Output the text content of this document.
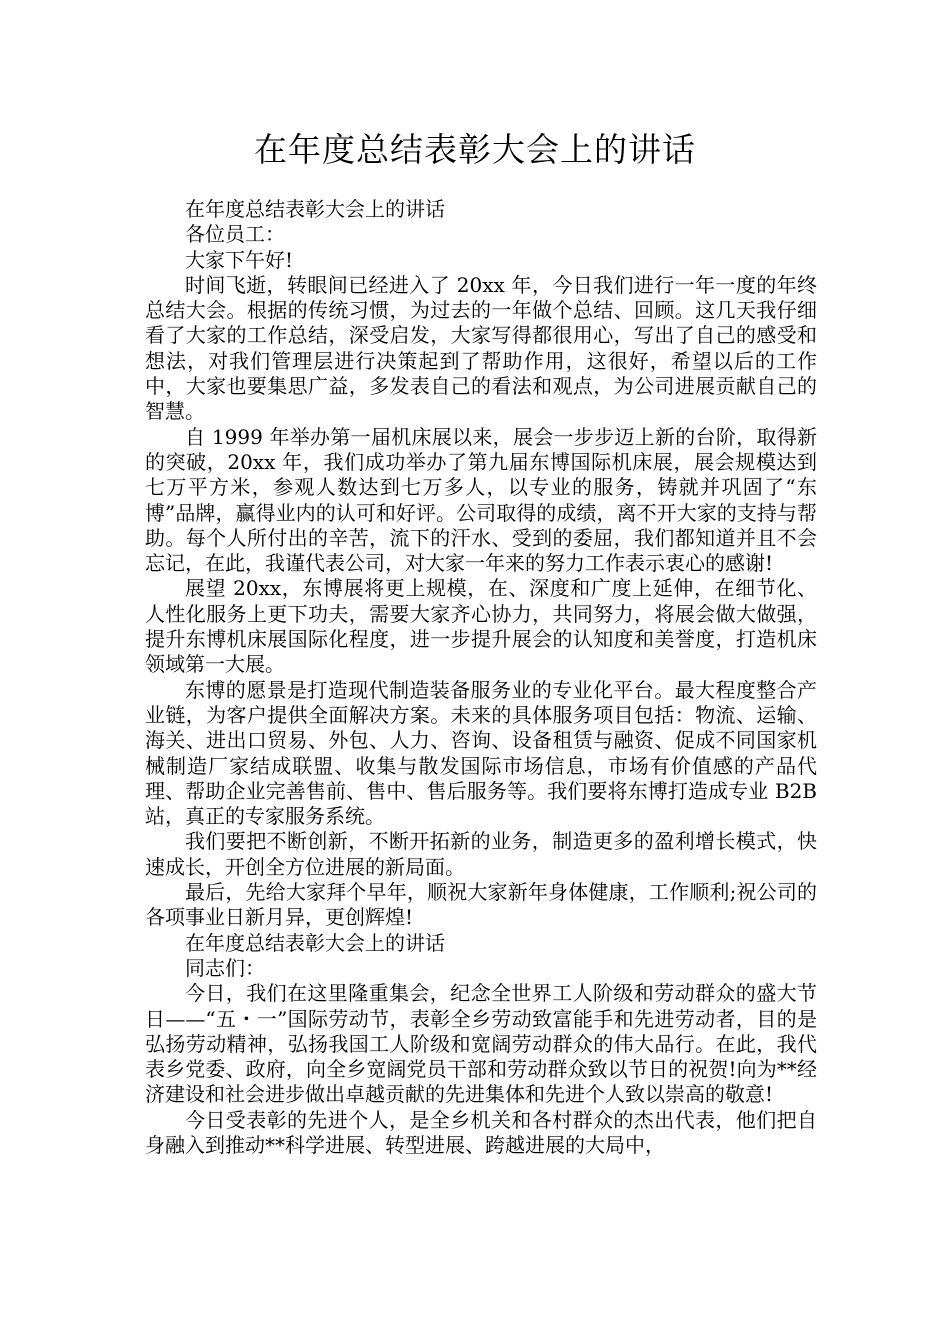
在年度总结表彰大会上的讲话

在年度总结表彰大会上的讲话

各位员工：

大家下午好!

时间飞逝，转眼间已经进入了 20xx 年，今日我们进行一年一度的年终总结大会。根据的传统习惯，为过去的一年做个总结、回顾。这几天我仔细看了大家的工作总结，深受启发，大家写得都很用心，写出了自己的感受和想法，对我们管理层进行决策起到了帮助作用，这很好，希望以后的工作中，大家也要集思广益，多发表自己的看法和观点，为公司进展贡献自己的智慧。

自 1999 年举办第一届机床展以来，展会一步步迈上新的台阶，取得新的突破，20xx 年，我们成功举办了第九届东博国际机床展，展会规模达到七万平方米，参观人数达到七万多人，以专业的服务，铸就并巩固了“东博”品牌，赢得业内的认可和好评。公司取得的成绩，离不开大家的支持与帮助。每个人所付出的辛苦，流下的汗水、受到的委屈，我们都知道并且不会忘记，在此，我谨代表公司，对大家一年来的努力工作表示衷心的感谢!

展望 20xx，东博展将更上规模，在、深度和广度上延伸，在细节化、人性化服务上更下功夫，需要大家齐心协力，共同努力，将展会做大做强，提升东博机床展国际化程度，进一步提升展会的认知度和美誉度，打造机床领域第一大展。

东博的愿景是打造现代制造装备服务业的专业化平台。最大程度整合产业链，为客户提供全面解决方案。未来的具体服务项目包括：物流、运输、海关、进出口贸易、外包、人力、咨询、设备租赁与融资、促成不同国家机械制造厂家结成联盟、收集与散发国际市场信息，市场有价值感的产品代理、帮助企业完善售前、售中、售后服务等。我们要将东博打造成专业 B2B 站，真正的专家服务系统。

我们要把不断创新，不断开拓新的业务，制造更多的盈利增长模式，快速成长，开创全方位进展的新局面。

最后，先给大家拜个早年，顺祝大家新年身体健康，工作顺利;祝公司的各项事业日新月异，更创辉煌!

在年度总结表彰大会上的讲话

同志们：

今日，我们在这里隆重集会，纪念全世界工人阶级和劳动群众的盛大节日——“五・一”国际劳动节，表彰全乡劳动致富能手和先进劳动者，目的是弘扬劳动精神，弘扬我国工人阶级和宽阔劳动群众的伟大品行。在此，我代表乡党委、政府，向全乡宽阔党员干部和劳动群众致以节日的祝贺!向为**经济建设和社会进步做出卓越贡献的先进集体和先进个人致以崇高的敬意!

今日受表彰的先进个人，是全乡机关和各村群众的杰出代表，他们把自身融入到推动**科学进展、转型进展、跨越进展的大局中，
